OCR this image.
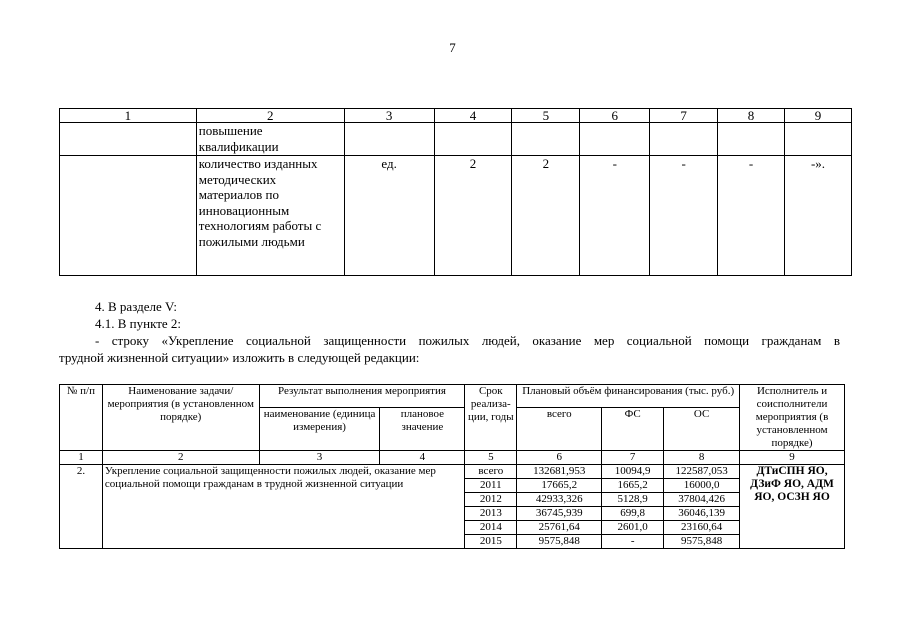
7
1	2	3	4	5	6	7	8	9
	повышение квалификации							
	количество изданных методических материалов по инновационным технологиям работы с пожилыми людьми	ед.	2	2	-	-	-	-».
4. В разделе V:
4.1. В пункте 2:
- строку «Укрепление социальной защищенности пожилых людей, оказание мер социальной помощи гражданам в
трудной жизненной ситуации» изложить в следующей редакции:
№ п/п	Наименование задачи/мероприятия (в установленном порядке)	Результат выполнения мероприятия		Срок реализа-ции, годы	Плановый объём финансирования (тыс. руб.)			Исполнитель и соисполнители мероприятия (в установленном порядке)
		наименование (единица измерения)	плановое значение		всего	ФС	ОС	
1	2	3	4	5	6	7	8	9
2.	Укрепление социальной защищенности пожилых людей, оказание мер социальной помощи гражданам в трудной жизненной ситуации			всего	132681,953	10094,9	122587,053	ДТиСПН ЯО, ДЗиФ ЯО, АДМ ЯО, ОСЗН ЯО
				2011	17665,2	1665,2	16000,0	
				2012	42933,326	5128,9	37804,426	
				2013	36745,939	699,8	36046,139	
				2014	25761,64	2601,0	23160,64	
				2015	9575,848	-	9575,848	
